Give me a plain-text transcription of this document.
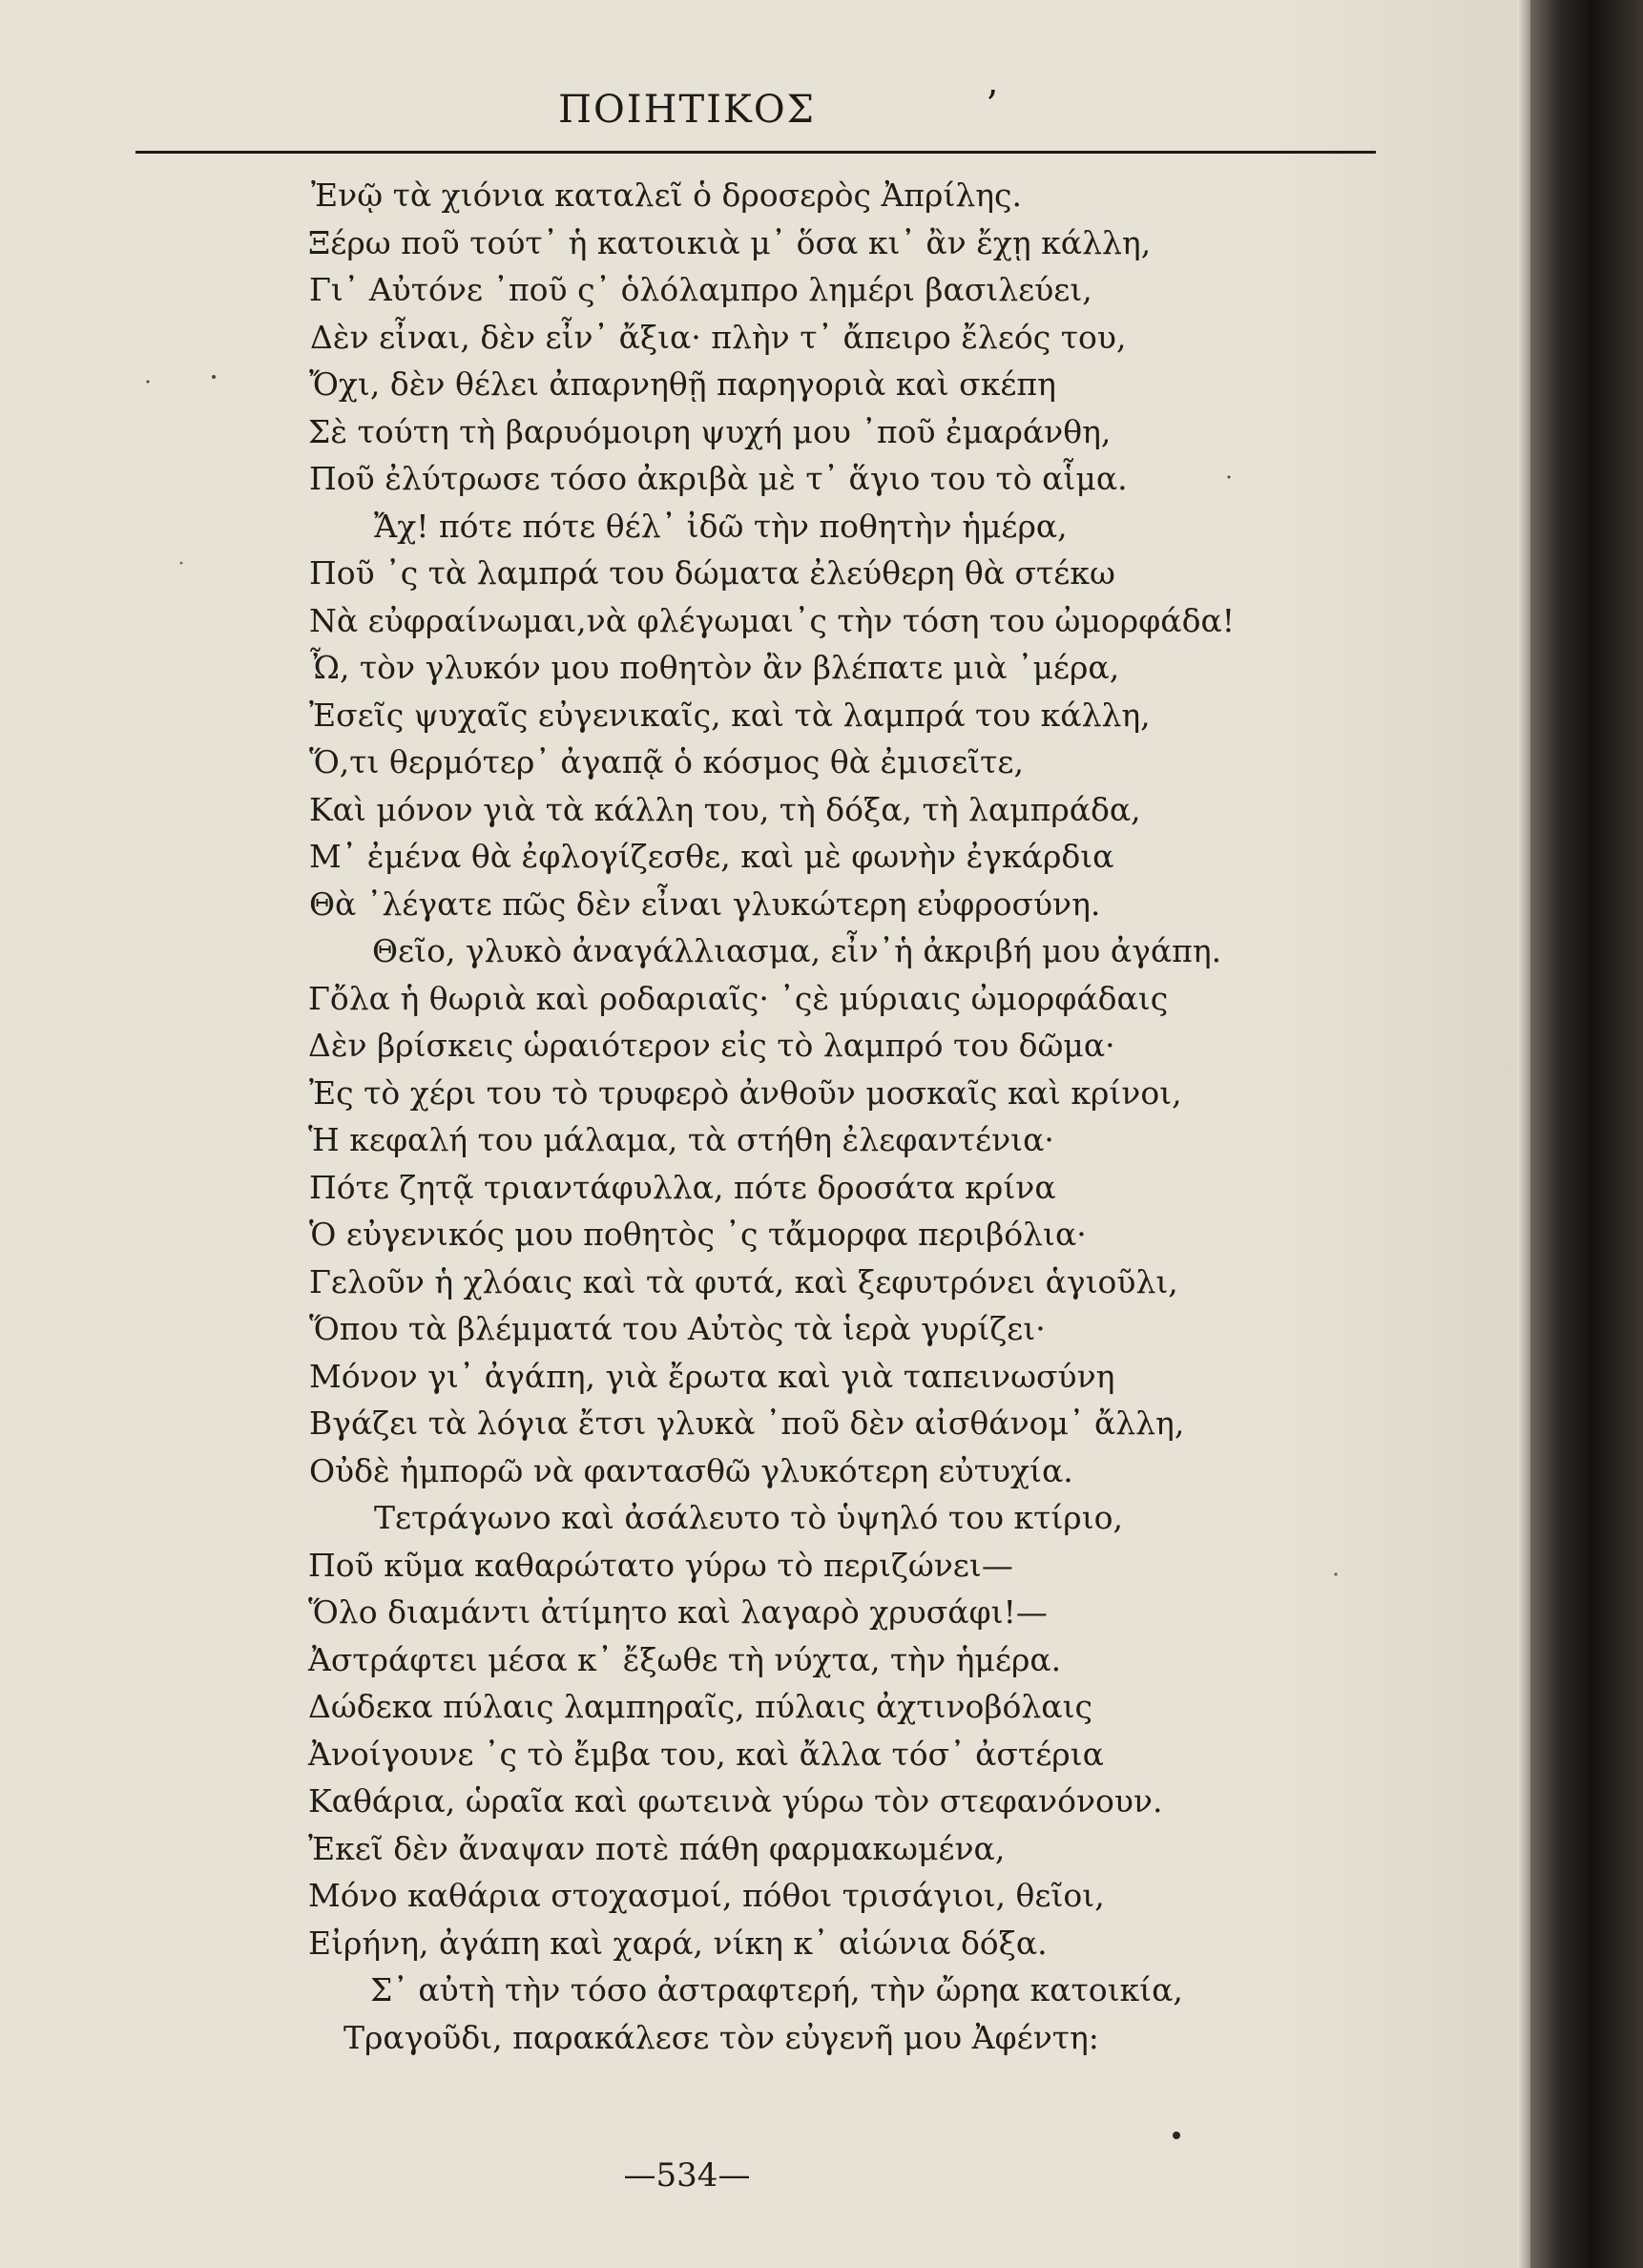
ΠΟΙΗΤΙΚΟΣ	ʼ
Ἐνῷ τὰ χιόνια καταλεῖ ὁ δροσερὸς Ἀπρίλης.
Ξέρω ποῦ τούτ᾽ ἡ κατοικιὰ μ᾽ ὅσα κι᾽ ἂν ἔχῃ κάλλη,
Γι᾽ Αὐτόνε ᾽ποῦ ς᾽ ὁλόλαμπρο λημέρι βασιλεύει,
Δὲν εἶναι, δὲν εἶν᾽ ἄξια· πλὴν τ᾽ ἄπειρο ἔλεός του,
Ὄχι, δὲν θέλει ἀπαρνηθῇ παρηγοριὰ καὶ σκέπη
Σὲ τούτη τὴ βαρυόμοιρη ψυχή μου ᾽ποῦ ἐμαράνθη,
Ποῦ ἐλύτρωσε τόσο ἀκριβὰ μὲ τ᾽ ἅγιο του τὸ αἷμα.
Ἄχ! πότε πότε θέλ᾽ ἰδῶ τὴν ποθητὴν ἡμέρα,
Ποῦ ᾽ς τὰ λαμπρά του δώματα ἐλεύθερη θὰ στέκω
Νὰ εὐφραίνωμαι,νὰ φλέγωμαι᾽ς τὴν τόση του ὠμορφάδα!
Ὦ, τὸν γλυκόν μου ποθητὸν ἂν βλέπατε μιὰ ᾽μέρα,
Ἐσεῖς ψυχαῖς εὐγενικαῖς, καὶ τὰ λαμπρά του κάλλη,
Ὅ,τι θερμότερ᾽ ἀγαπᾷ ὁ κόσμος θὰ ἐμισεῖτε,
Καὶ μόνον γιὰ τὰ κάλλη του, τὴ δόξα, τὴ λαμπράδα,
Μ᾽ ἐμένα θὰ ἐφλογίζεσθε, καὶ μὲ φωνὴν ἐγκάρδια
Θὰ ᾽λέγατε πῶς δὲν εἶναι γλυκώτερη εὐφροσύνη.
Θεῖο, γλυκὸ ἀναγάλλιασμα, εἶν᾽ἡ ἀκριβή μου ἀγάπη.
Γὄλα ἡ θωριὰ καὶ ροδαριαῖς· ᾽ςὲ μύριαις ὠμορφάδαις
Δὲν βρίσκεις ὡραιότερον εἰς τὸ λαμπρό του δῶμα·
Ἐς τὸ χέρι του τὸ τρυφερὸ ἀνθοῦν μοσκαῖς καὶ κρίνοι,
Ἡ κεφαλή του μάλαμα, τὰ στήθη ἐλεφαντένια·
Πότε ζητᾷ τριαντάφυλλα, πότε δροσάτα κρίνα
Ὁ εὐγενικός μου ποθητὸς ᾽ς τἄμορφα περιβόλια·
Γελοῦν ἡ χλόαις καὶ τὰ φυτά, καὶ ξεφυτρόνει ἁγιοῦλι,
Ὅπου τὰ βλέμματά του Αὐτὸς τὰ ἱερὰ γυρίζει·
Μόνον γι᾽ ἀγάπη, γιὰ ἔρωτα καὶ γιὰ ταπεινωσύνη
Βγάζει τὰ λόγια ἔτσι γλυκὰ ᾽ποῦ δὲν αἰσθάνομ᾽ ἄλλη,
Οὐδὲ ἠμπορῶ νὰ φαντασθῶ γλυκότερη εὐτυχία.
Τετράγωνο καὶ ἀσάλευτο τὸ ὑψηλό του κτίριο,
Ποῦ κῦμα καθαρώτατο γύρω τὸ περιζώνει—
Ὅλο διαμάντι ἀτίμητο καὶ λαγαρὸ χρυσάφι!—
Ἀστράφτει μέσα κ᾽ ἔξωθε τὴ νύχτα, τὴν ἡμέρα.
Δώδεκα πύλαις λαμπηραῖς, πύλαις ἀχτινοβόλαις
Ἀνοίγουνε ᾽ς τὸ ἔμβα του, καὶ ἄλλα τόσ᾽ ἀστέρια
Καθάρια, ὡραῖα καὶ φωτεινὰ γύρω τὸν στεφανόνουν.
Ἐκεῖ δὲν ἄναψαν ποτὲ πάθη φαρμακωμένα,
Μόνο καθάρια στοχασμοί, πόθοι τρισάγιοι, θεῖοι,
Εἰρήνη, ἀγάπη καὶ χαρά, νίκη κ᾽ αἰώνια δόξα.
Σ᾽ αὐτὴ τὴν τόσο ἀστραφτερή, τὴν ὤρηα κατοικία,
Τραγοῦδι, παρακάλεσε τὸν εὐγενῆ μου Ἀφέντη:
—534—
